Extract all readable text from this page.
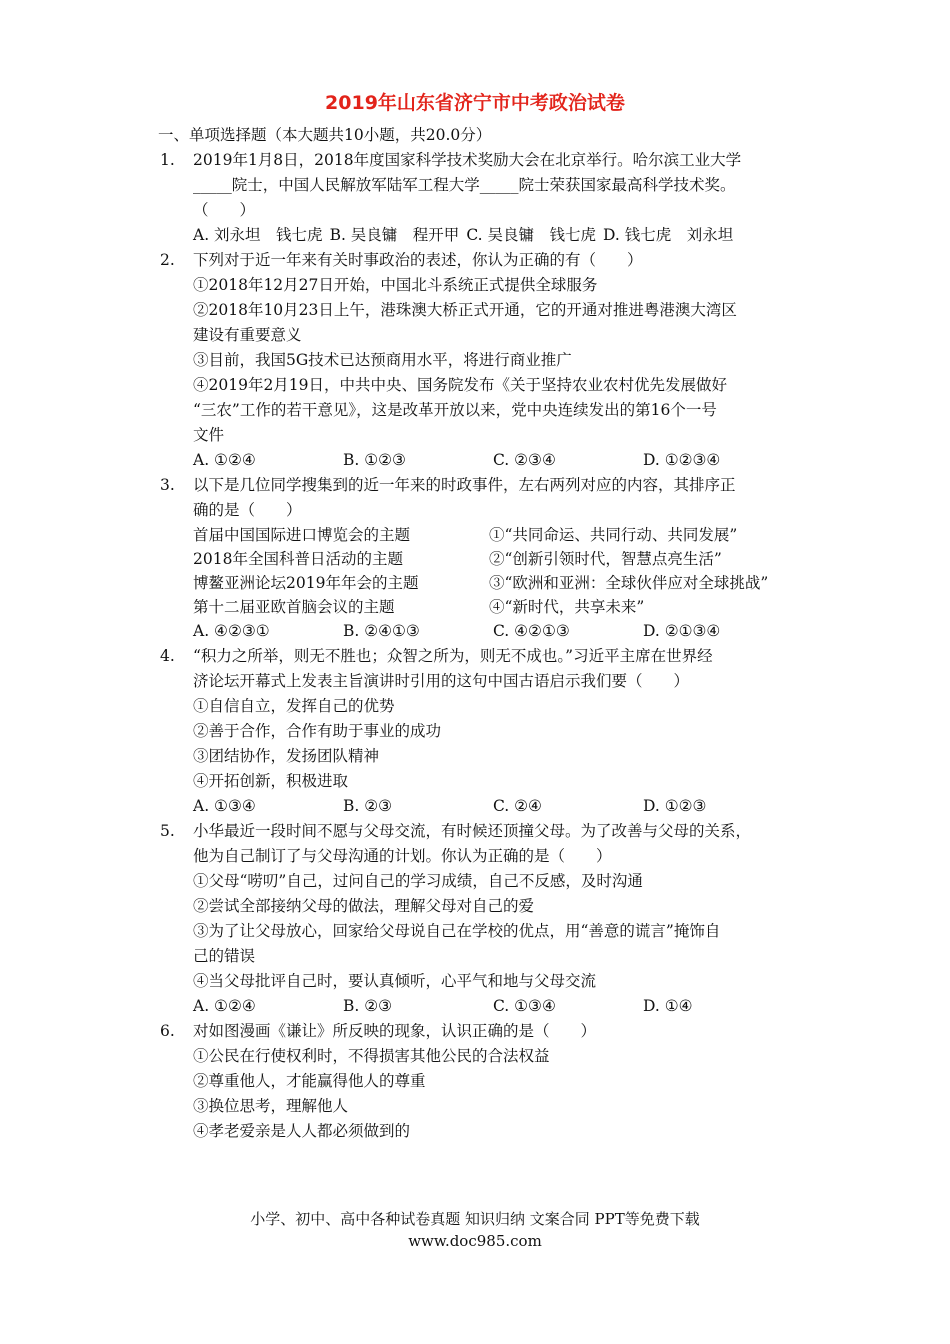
2019年山东省济宁市中考政治试卷
一、单项选择题（本大题共10小题，共20.0分）
1. 2019年1月8日，2018年度国家科学技术奖励大会在北京举行。哈尔滨工业大学
_____院士，中国人民解放军陆军工程大学_____院士荣获国家最高科学技术奖。
（　　）
A. 刘永坦　钱七虎 B. 吴良镛　程开甲 C. 吴良镛　钱七虎 D. 钱七虎　刘永坦
2. 下列对于近一年来有关时事政治的表述，你认为正确的有（　　）
①2018年12月27日开始，中国北斗系统正式提供全球服务
②2018年10月23日上午，港珠澳大桥正式开通，它的开通对推进粤港澳大湾区
建设有重要意义
③目前，我国5G技术已达预商用水平，将进行商业推广
④2019年2月19日，中共中央、国务院发布《关于坚持农业农村优先发展做好
“三农”工作的若干意见》，这是改革开放以来，党中央连续发出的第16个一号
文件
A. ①②④	B. ①②③	C. ②③④	D. ①②③④
3. 以下是几位同学搜集到的近一年来的时政事件，左右两列对应的内容，其排序正
确的是（　　）
首届中国国际进口博览会的主题	①“共同命运、共同行动、共同发展”
2018年全国科普日活动的主题	②“创新引领时代，智慧点亮生活”
博鳌亚洲论坛2019年年会的主题	③“欧洲和亚洲：全球伙伴应对全球挑战”
第十二届亚欧首脑会议的主题	④“新时代，共享未来”
A. ④②③①	B. ②④①③	C. ④②①③	D. ②①③④
4. “积力之所举，则无不胜也；众智之所为，则无不成也。”习近平主席在世界经
济论坛开幕式上发表主旨演讲时引用的这句中国古语启示我们要（　　）
①自信自立，发挥自己的优势
②善于合作，合作有助于事业的成功
③团结协作，发扬团队精神
④开拓创新，积极进取
A. ①③④	B. ②③	C. ②④	D. ①②③
5. 小华最近一段时间不愿与父母交流，有时候还顶撞父母。为了改善与父母的关系，
他为自己制订了与父母沟通的计划。你认为正确的是（　　）
①父母“唠叨”自己，过问自己的学习成绩，自己不反感，及时沟通
②尝试全部接纳父母的做法，理解父母对自己的爱
③为了让父母放心，回家给父母说自己在学校的优点，用“善意的谎言”掩饰自
己的错误
④当父母批评自己时，要认真倾听，心平气和地与父母交流
A. ①②④	B. ②③	C. ①③④	D. ①④
6. 对如图漫画《谦让》所反映的现象，认识正确的是（　　）
①公民在行使权利时，不得损害其他公民的合法权益
②尊重他人，才能赢得他人的尊重
③换位思考，理解他人
④孝老爱亲是人人都必须做到的
小学、初中、高中各种试卷真题 知识归纳 文案合同 PPT等免费下载
www.doc985.com
